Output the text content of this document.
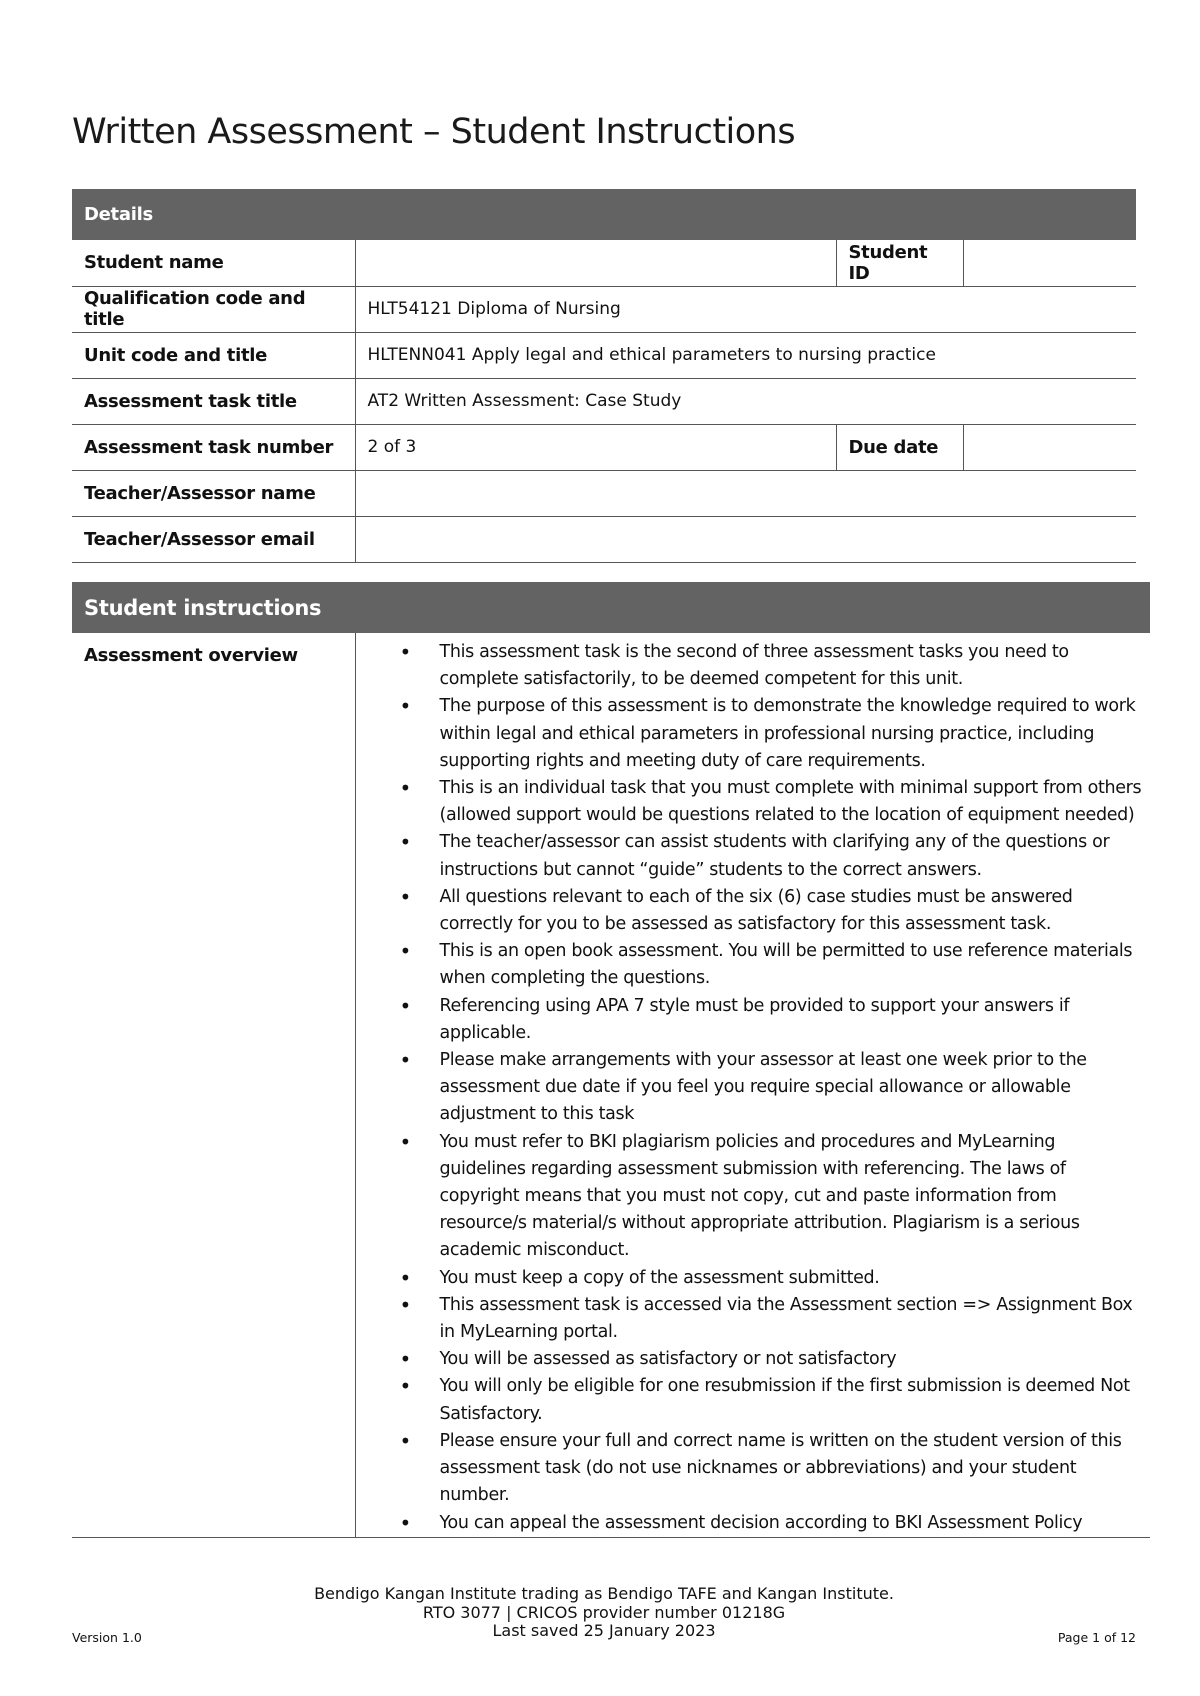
Written Assessment – Student Instructions
Details			
Student name		Student ID	
Qualification code and title	HLT54121 Diploma of Nursing		
Unit code and title	HLTENN041 Apply legal and ethical parameters to nursing practice		
Assessment task title	AT2 Written Assessment: Case Study		
Assessment task number	2 of 3	Due date	
Teacher/Assessor name			
Teacher/Assessor email			
Student instructions
Assessment overview	
•This assessment task is the second of three assessment tasks you need to complete satisfactorily, to be deemed competent for this unit.
• The purpose of this assessment is to demonstrate the knowledge required to work within legal and ethical parameters in professional nursing practice, including supporting rights and meeting duty of care requirements.
• This is an individual task that you must complete with minimal support from others (allowed support would be questions related to the location of equipment needed)
• The teacher/assessor can assist students with clarifying any of the questions or instructions but cannot “guide” students to the correct answers.
• All questions relevant to each of the six (6) case studies must be answered correctly for you to be assessed as satisfactory for this assessment task.
• This is an open book assessment. You will be permitted to use reference materials when completing the questions.
• Referencing using APA 7 style must be provided to support your answers if applicable.
• Please make arrangements with your assessor at least one week prior to the assessment due date if you feel you require special allowance or allowable adjustment to this task
• You must refer to BKI plagiarism policies and procedures and MyLearning guidelines regarding assessment submission with referencing. The laws of copyright means that you must not copy, cut and paste information from resource/s material/s without appropriate attribution. Plagiarism is a serious academic misconduct.
• You must keep a copy of the assessment submitted.
• This assessment task is accessed via the Assessment section => Assignment Box in MyLearning portal.
• You will be assessed as satisfactory or not satisfactory
• You will only be eligible for one resubmission if the first submission is deemed Not Satisfactory.
• Please ensure your full and correct name is written on the student version of this assessment task (do not use nicknames or abbreviations) and your student number.
• You can appeal the assessment decision according to BKI Assessment Policy
Bendigo Kangan Institute trading as Bendigo TAFE and Kangan Institute.
RTO 3077 | CRICOS provider number 01218G
Last saved 25 January 2023
Version 1.0	Page 1 of 12
